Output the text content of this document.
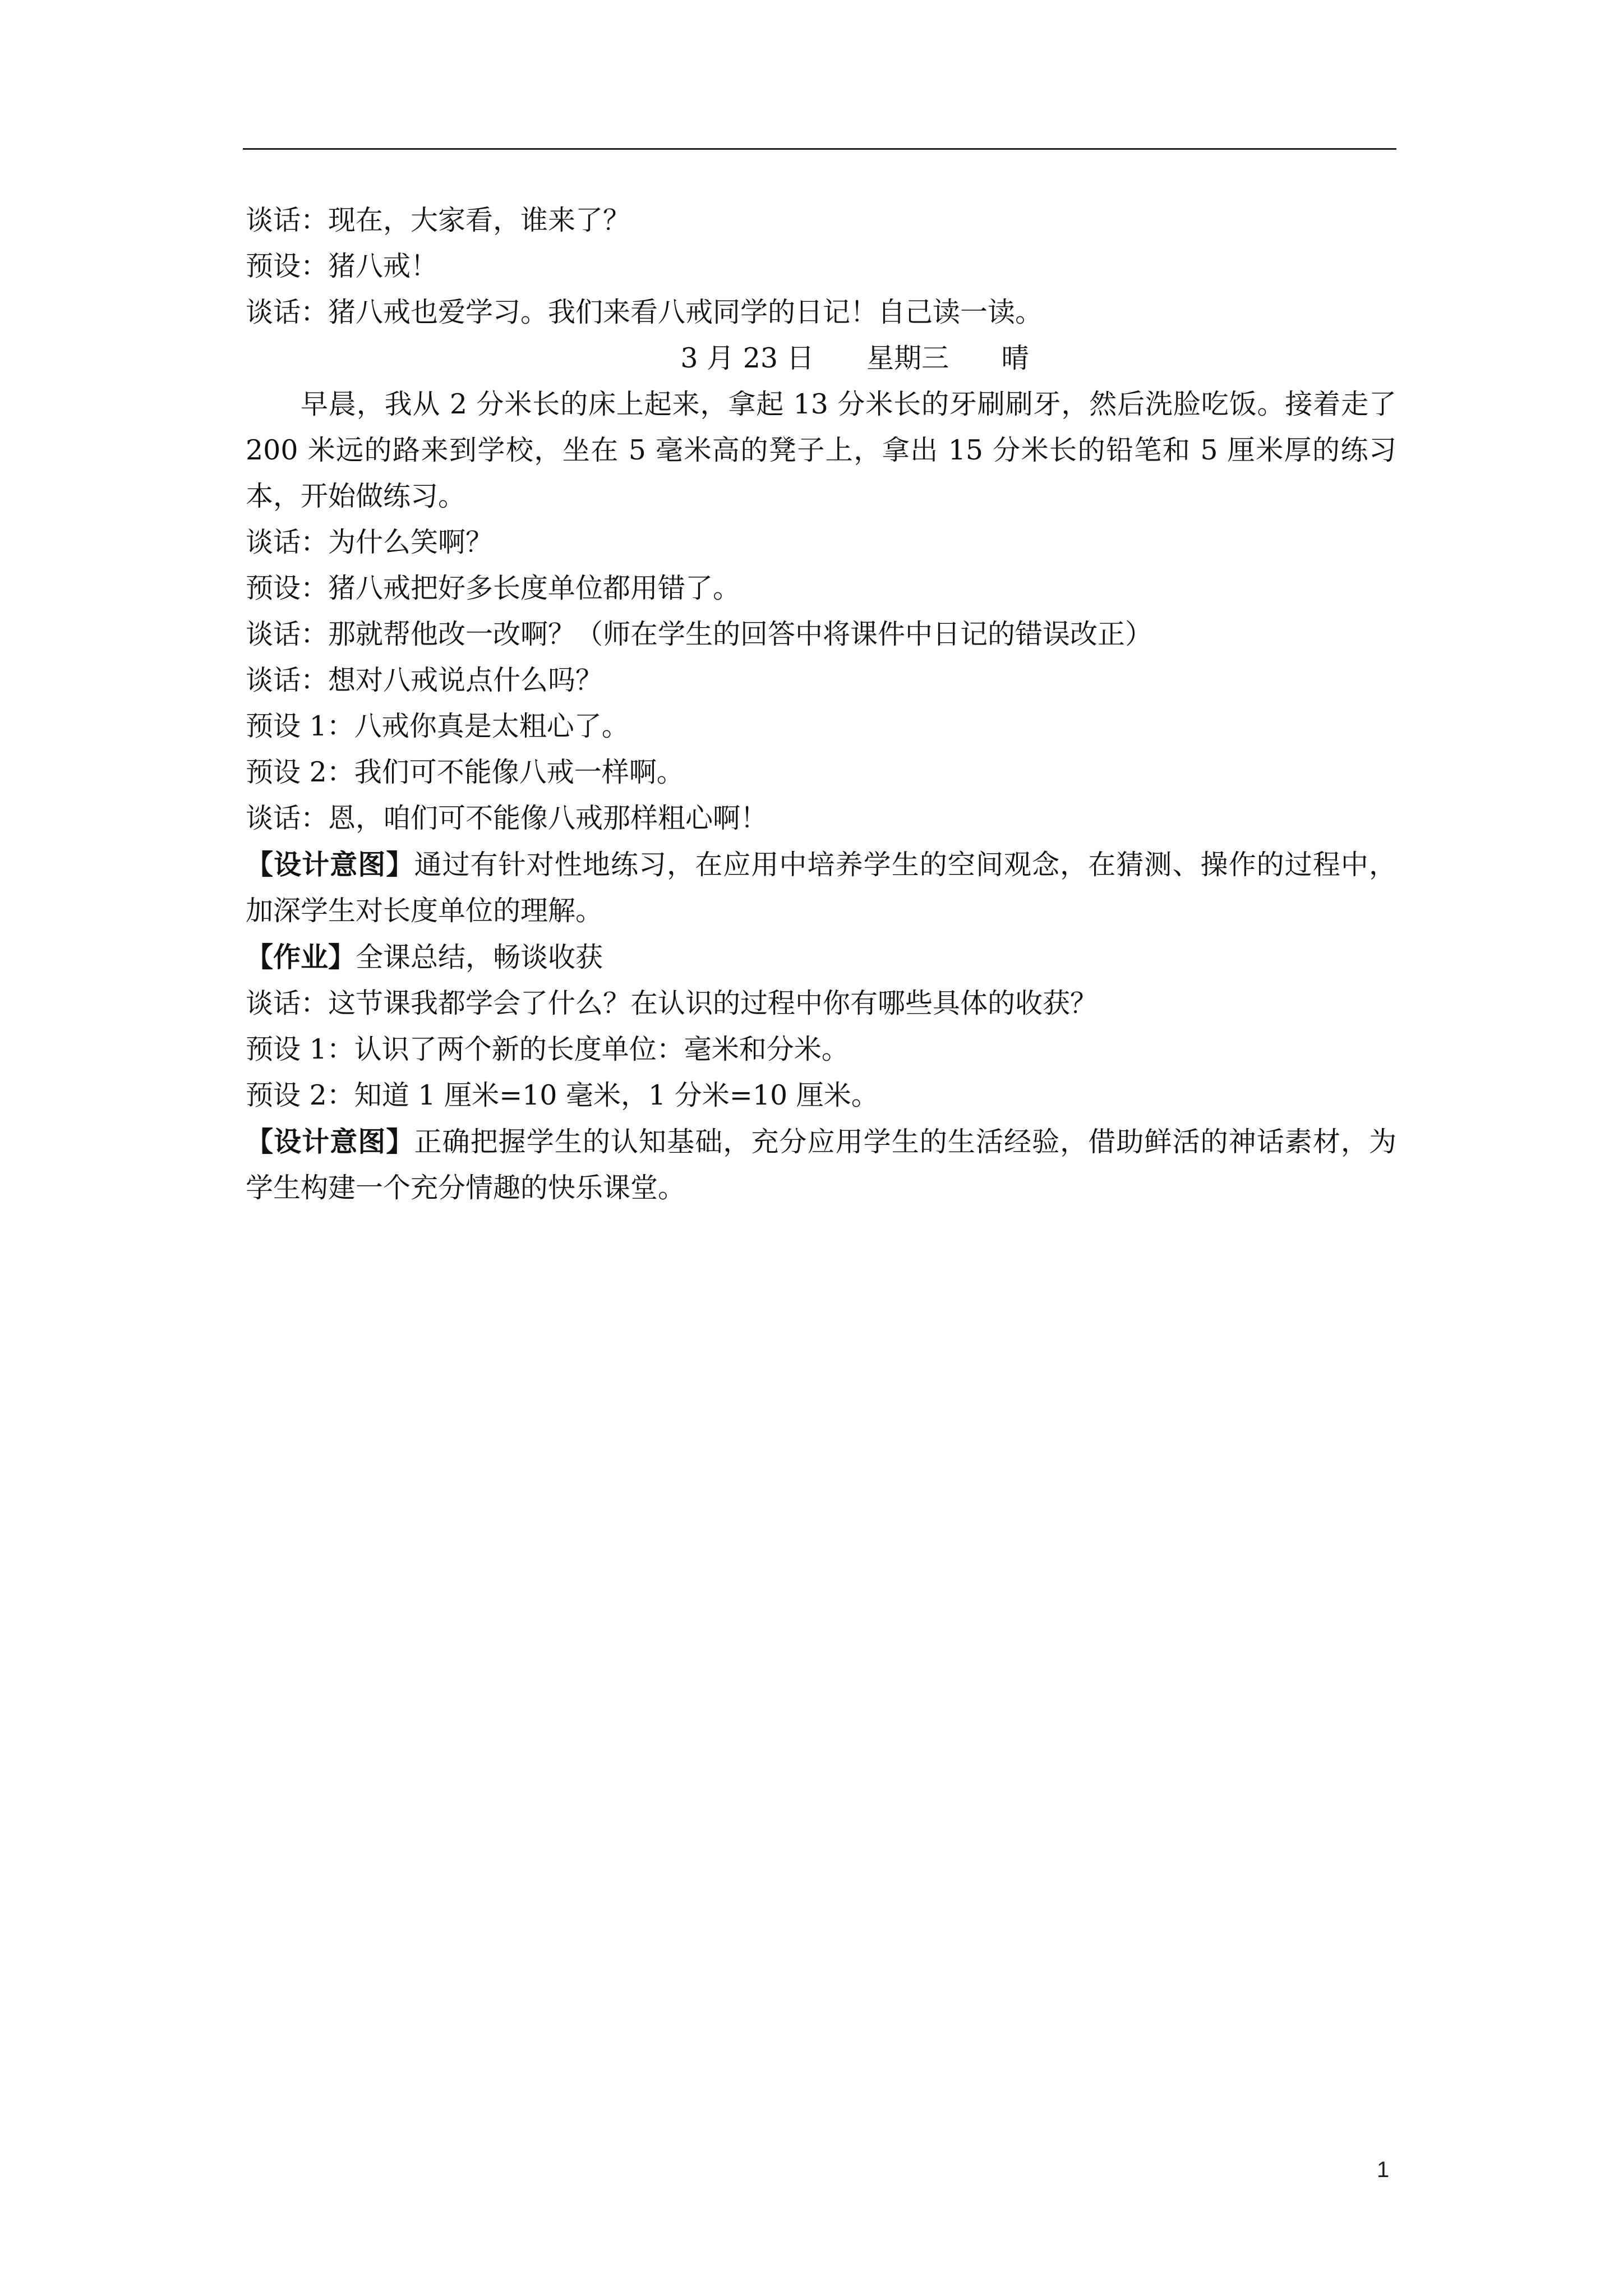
谈话：现在，大家看，谁来了？
预设：猪八戒！
谈话：猪八戒也爱学习。我们来看八戒同学的日记！自己读一读。
3 月 23 日      星期三      晴
早晨，我从 2 分米长的床上起来，拿起 13 分米长的牙刷刷牙，然后洗脸吃饭。接着走了 200 米远的路来到学校，坐在 5 毫米高的凳子上，拿出 15 分米长的铅笔和 5 厘米厚的练习本，开始做练习。
谈话：为什么笑啊？
预设：猪八戒把好多长度单位都用错了。
谈话：那就帮他改一改啊？（师在学生的回答中将课件中日记的错误改正）
谈话：想对八戒说点什么吗？
预设 1：八戒你真是太粗心了。
预设 2：我们可不能像八戒一样啊。
谈话：恩，咱们可不能像八戒那样粗心啊！
【设计意图】通过有针对性地练习，在应用中培养学生的空间观念，在猜测、操作的过程中，加深学生对长度单位的理解。
【作业】全课总结，畅谈收获
谈话：这节课我都学会了什么？在认识的过程中你有哪些具体的收获？
预设 1：认识了两个新的长度单位：毫米和分米。
预设 2：知道 1 厘米=10 毫米，1 分米=10 厘米。
【设计意图】正确把握学生的认知基础，充分应用学生的生活经验，借助鲜活的神话素材，为学生构建一个充分情趣的快乐课堂。
1
